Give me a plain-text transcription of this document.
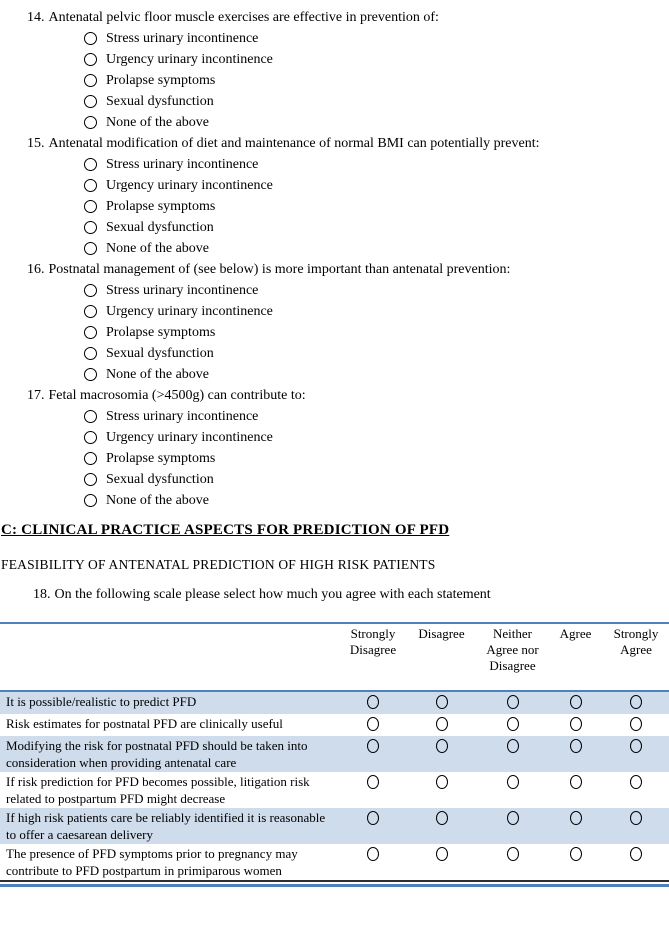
14. Antenatal pelvic floor muscle exercises are effective in prevention of:
Stress urinary incontinence
Urgency urinary incontinence
Prolapse symptoms
Sexual dysfunction
None of the above
15. Antenatal modification of diet and maintenance of normal BMI can potentially prevent:
Stress urinary incontinence
Urgency urinary incontinence
Prolapse symptoms
Sexual dysfunction
None of the above
16. Postnatal management of (see below) is more important than antenatal prevention:
Stress urinary incontinence
Urgency urinary incontinence
Prolapse symptoms
Sexual dysfunction
None of the above
17. Fetal macrosomia (>4500g) can contribute to:
Stress urinary incontinence
Urgency urinary incontinence
Prolapse symptoms
Sexual dysfunction
None of the above
C: CLINICAL PRACTICE ASPECTS FOR PREDICTION OF PFD
FEASIBILITY OF ANTENATAL PREDICTION OF HIGH RISK PATIENTS
18. On the following scale please select how much you agree with each statement
	Strongly Disagree	Disagree	Neither Agree nor Disagree	Agree	Strongly Agree
It is possible/realistic to predict PFD					
Risk estimates for postnatal PFD are clinically useful					
Modifying the risk for postnatal PFD should be taken into consideration when providing antenatal care					
If risk prediction for PFD becomes possible, litigation risk related to postpartum PFD might decrease					
If high risk patients care be reliably identified it is reasonable to offer a caesarean delivery					
The presence of PFD symptoms prior to pregnancy may contribute to PFD postpartum in primiparous women					
